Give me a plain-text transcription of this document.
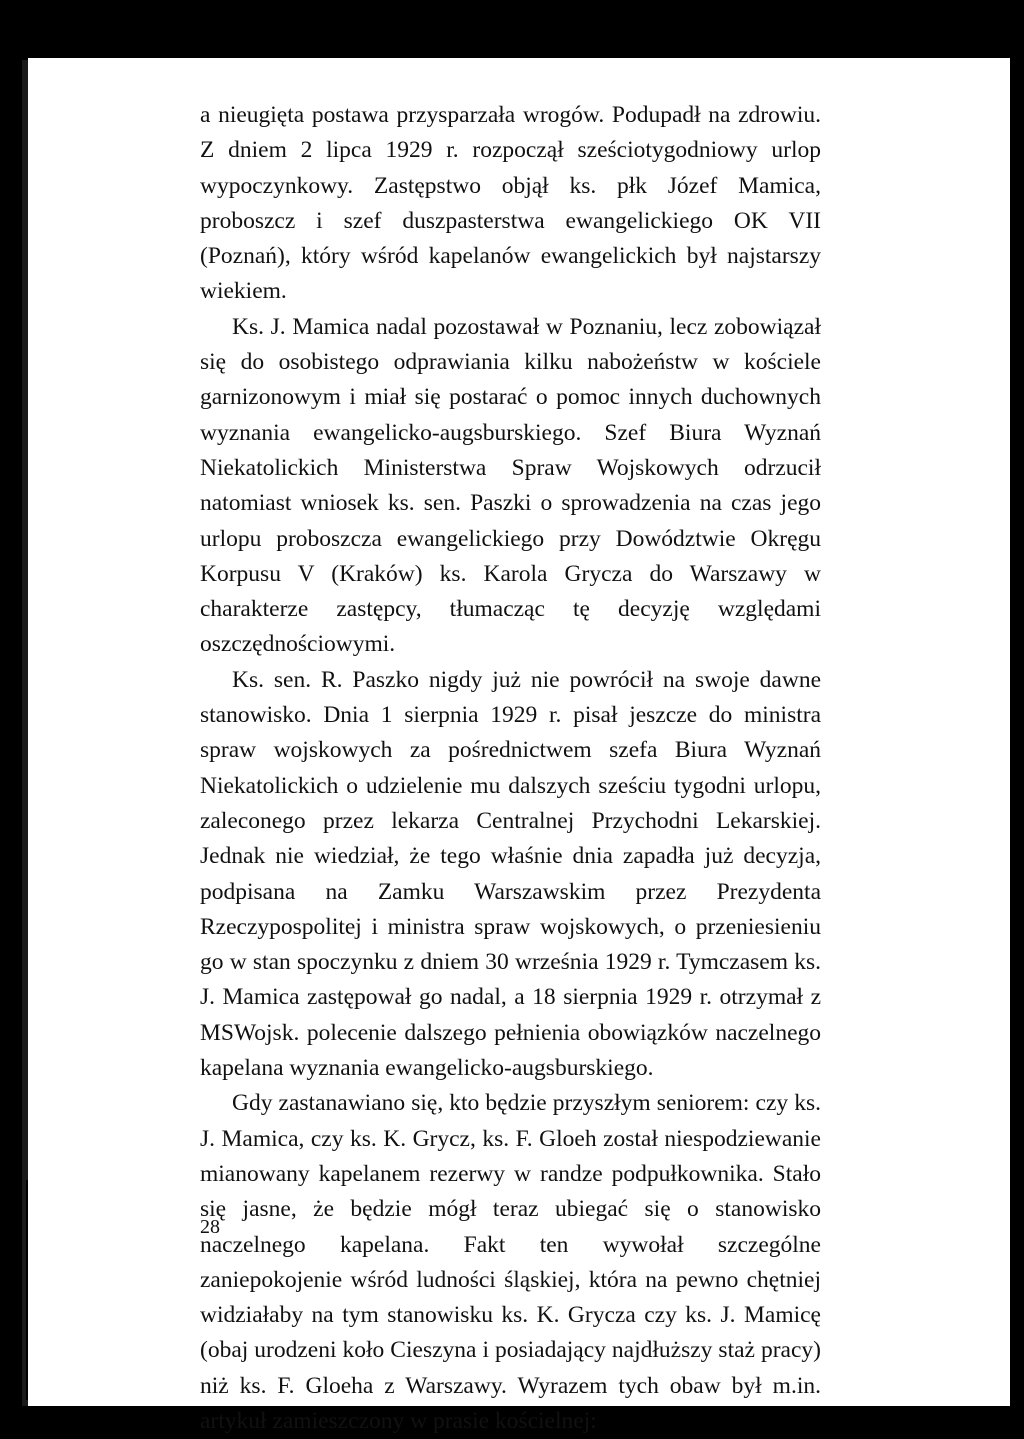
a nieugięta postawa przysparzała wrogów. Podupadł na zdrowiu. Z dniem 2 lipca 1929 r. rozpoczął sześciotygodniowy urlop wypoczynkowy. Zastępstwo objął ks. płk Józef Mamica, proboszcz i szef duszpasterstwa ewangelickiego OK VII (Poznań), który wśród kapelanów ewangelickich był najstarszy wiekiem.

Ks. J. Mamica nadal pozostawał w Poznaniu, lecz zobowiązał się do osobistego odprawiania kilku nabożeństw w kościele garnizonowym i miał się postarać o pomoc innych duchownych wyznania ewangelicko-augsburskiego. Szef Biura Wyznań Niekatolickich Ministerstwa Spraw Wojskowych odrzucił natomiast wniosek ks. sen. Paszki o sprowadzenia na czas jego urlopu proboszcza ewangelickiego przy Dowództwie Okręgu Korpusu V (Kraków) ks. Karola Grycza do Warszawy w charakterze zastępcy, tłumacząc tę decyzję względami oszczędnościowymi.

Ks. sen. R. Paszko nigdy już nie powrócił na swoje dawne stanowisko. Dnia 1 sierpnia 1929 r. pisał jeszcze do ministra spraw wojskowych za pośrednictwem szefa Biura Wyznań Niekatolickich o udzielenie mu dalszych sześciu tygodni urlopu, zaleconego przez lekarza Centralnej Przychodni Lekarskiej. Jednak nie wiedział, że tego właśnie dnia zapadła już decyzja, podpisana na Zamku Warszawskim przez Prezydenta Rzeczypospolitej i ministra spraw wojskowych, o przeniesieniu go w stan spoczynku z dniem 30 września 1929 r. Tymczasem ks. J. Mamica zastępował go nadal, a 18 sierpnia 1929 r. otrzymał z MSWojsk. polecenie dalszego pełnienia obowiązków naczelnego kapelana wyznania ewangelicko-augsburskiego.

Gdy zastanawiano się, kto będzie przyszłym seniorem: czy ks. J. Mamica, czy ks. K. Grycz, ks. F. Gloeh został niespodziewanie mianowany kapelanem rezerwy w randze podpułkownika. Stało się jasne, że będzie mógł teraz ubiegać się o stanowisko naczelnego kapelana. Fakt ten wywołał szczególne zaniepokojenie wśród ludności śląskiej, która na pewno chętniej widziałaby na tym stanowisku ks. K. Grycza czy ks. J. Mamicę (obaj urodzeni koło Cieszyna i posiadający najdłuższy staż pracy) niż ks. F. Gloeha z Warszawy. Wyrazem tych obaw był m.in. artykuł zamieszczony w prasie kościelnej:

28
